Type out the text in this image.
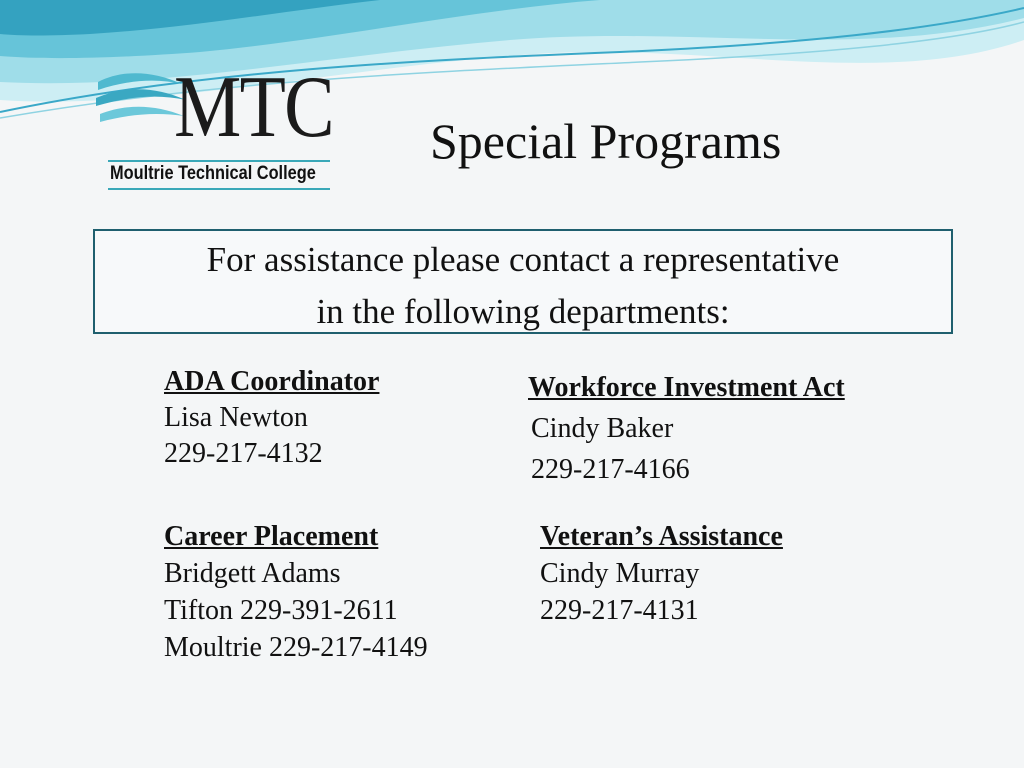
MTC
Moultrie Technical College
Special Programs
For assistance please contact a representative
in the following departments:
ADA Coordinator
Lisa Newton
229-217-4132
Workforce Investment Act
Cindy Baker
229-217-4166
Career Placement
Bridgett Adams
Tifton 229-391-2611
Moultrie 229-217-4149
Veteran’s Assistance
Cindy Murray
229-217-4131
